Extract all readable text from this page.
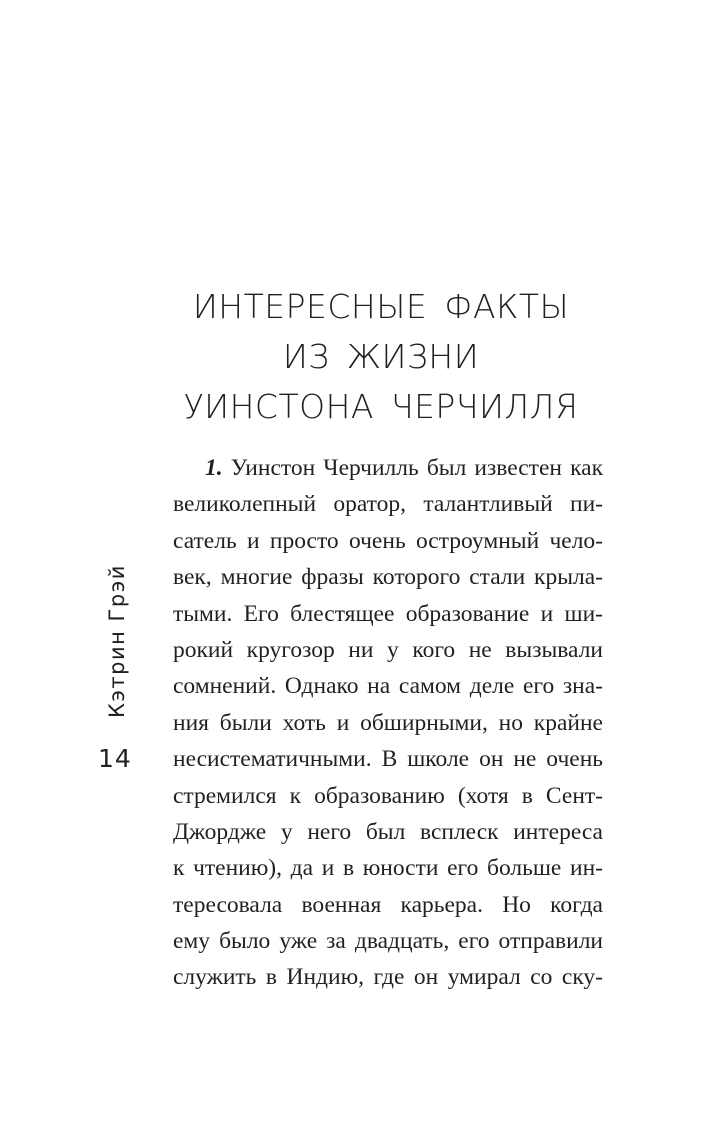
Кэтрин Грэй
14
ИНТЕРЕСНЫЕ ФАКТЫ
ИЗ ЖИЗНИ
УИНСТОНА ЧЕРЧИЛЛЯ
1. Уинстон Черчилль был известен как
великолепный оратор, талантливый пи-
сатель и просто очень остроумный чело-
век, многие фразы которого стали крыла-
тыми. Его блестящее образование и ши-
рокий кругозор ни у кого не вызывали
сомнений. Однако на самом деле его зна-
ния были хоть и обширными, но крайне
несистематичными. В школе он не очень
стремился к образованию (хотя в Сент-
Джордже у него был всплеск интереса
к чтению), да и в юности его больше ин-
тересовала военная карьера. Но когда
ему было уже за двадцать, его отправили
служить в Индию, где он умирал со ску-
